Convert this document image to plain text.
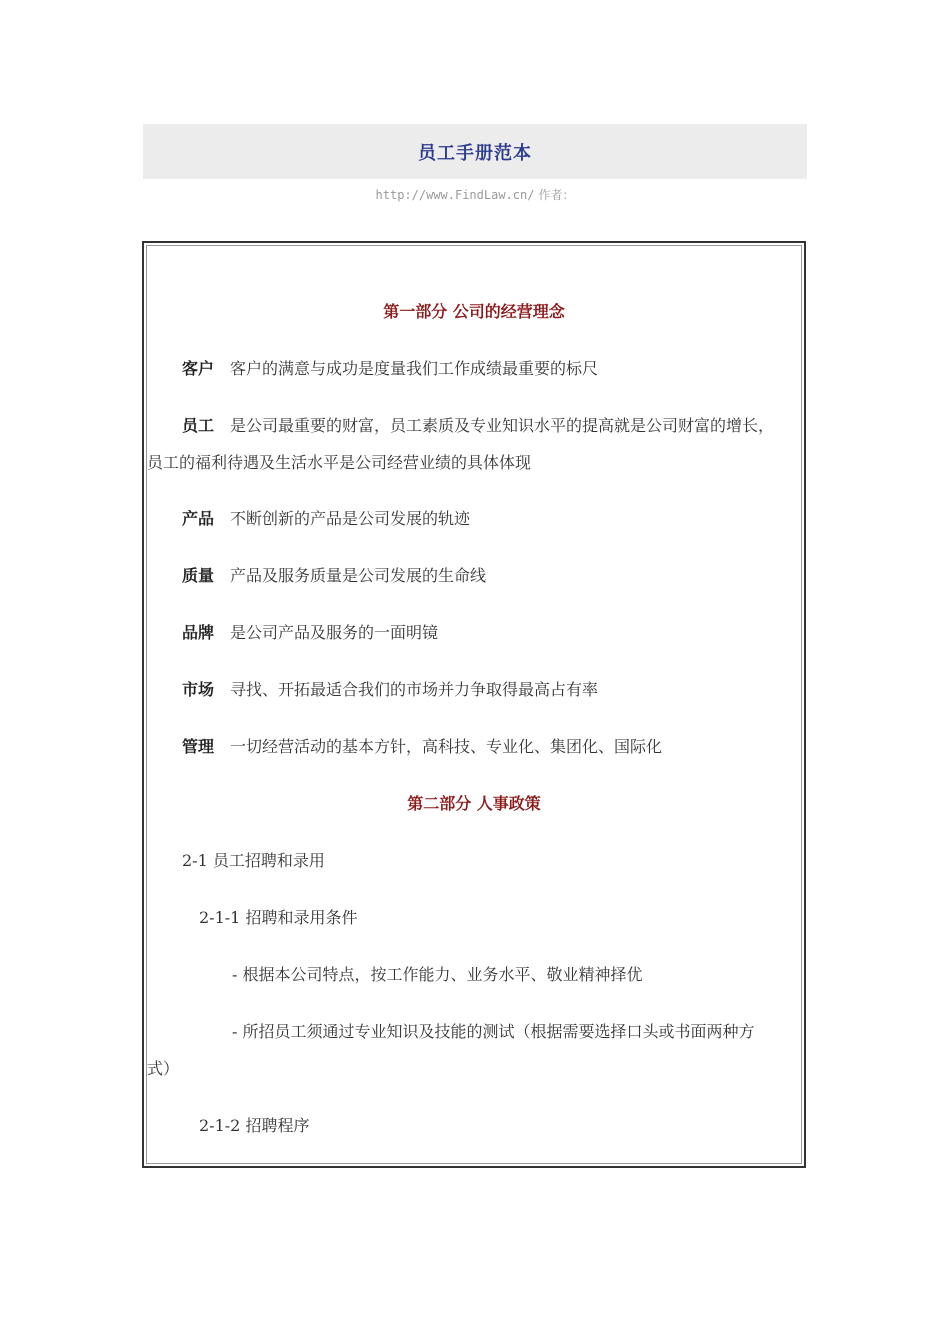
员工手册范本
http://www.FindLaw.cn/ 作者：
第一部分 公司的经营理念
客户 客户的满意与成功是度量我们工作成绩最重要的标尺
员工 是公司最重要的财富，员工素质及专业知识水平的提高就是公司财富的增长，
员工的福利待遇及生活水平是公司经营业绩的具体体现
产品 不断创新的产品是公司发展的轨迹
质量 产品及服务质量是公司发展的生命线
品牌 是公司产品及服务的一面明镜
市场 寻找、开拓最适合我们的市场并力争取得最高占有率
管理 一切经营活动的基本方针，高科技、专业化、集团化、国际化
第二部分 人事政策
2-1 员工招聘和录用
2-1-1 招聘和录用条件
- 根据本公司特点，按工作能力、业务水平、敬业精神择优
- 所招员工须通过专业知识及技能的测试（根据需要选择口头或书面两种方
式）
2-1-2 招聘程序
